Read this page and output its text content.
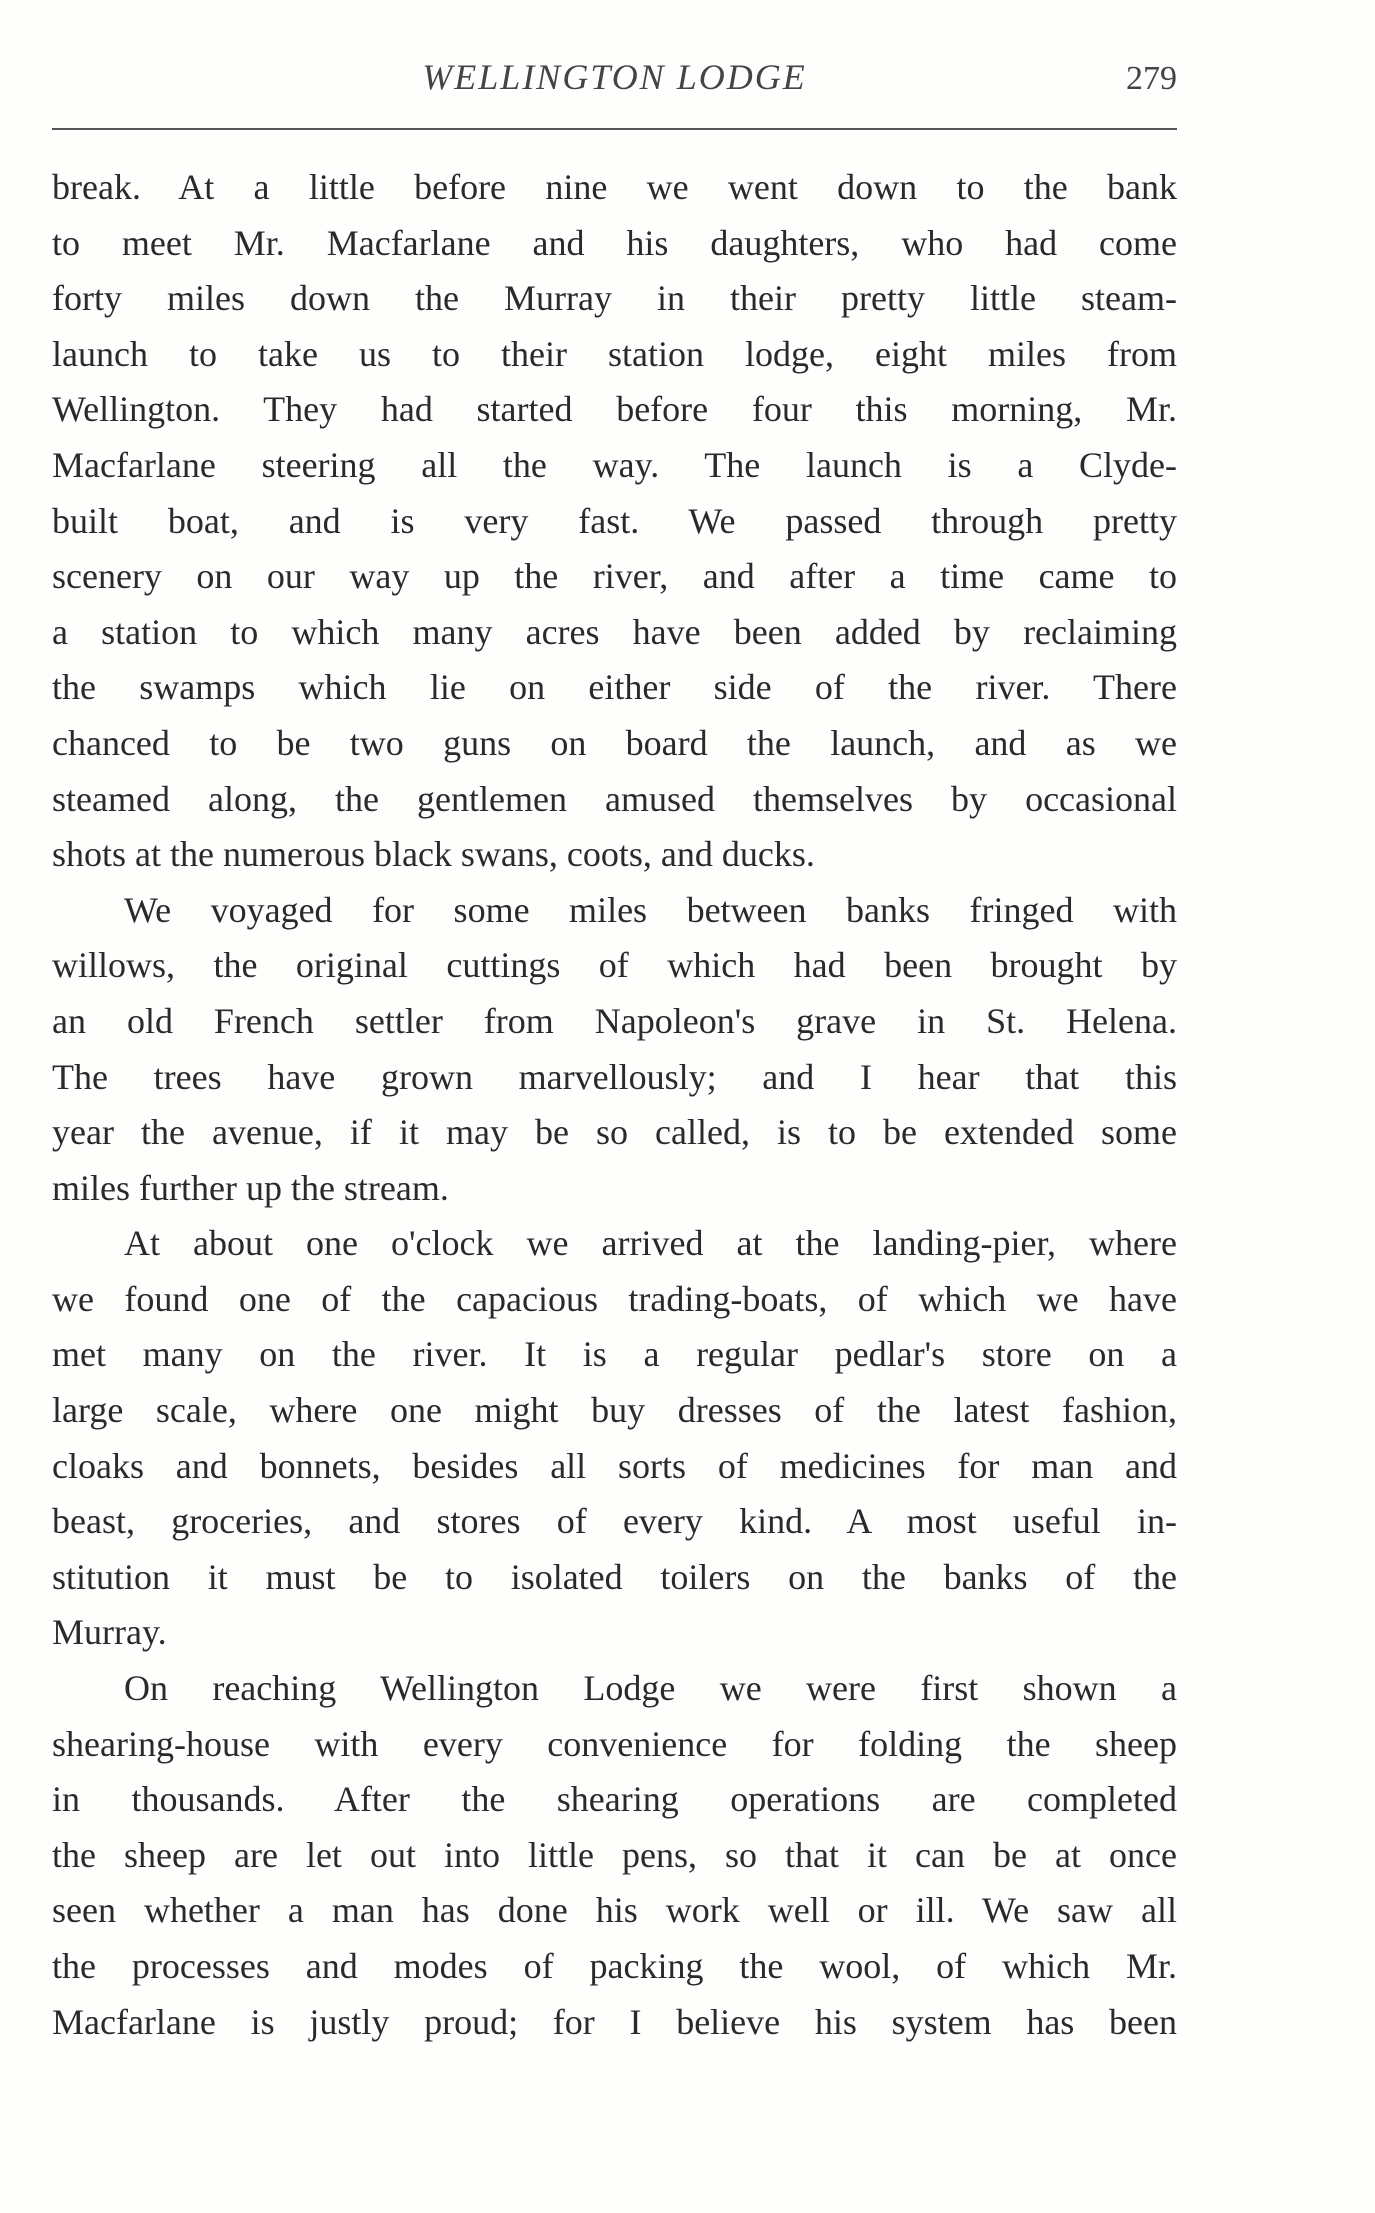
WELLINGTON LODGE	279
break. At a little before nine we went down to the bank
to meet Mr. Macfarlane and his daughters, who had come
forty miles down the Murray in their pretty little steam-
launch to take us to their station lodge, eight miles from
Wellington. They had started before four this morning, Mr.
Macfarlane steering all the way. The launch is a Clyde-
built boat, and is very fast. We passed through pretty
scenery on our way up the river, and after a time came to
a station to which many acres have been added by reclaiming
the swamps which lie on either side of the river. There
chanced to be two guns on board the launch, and as we
steamed along, the gentlemen amused themselves by occasional
shots at the numerous black swans, coots, and ducks.
We voyaged for some miles between banks fringed with
willows, the original cuttings of which had been brought by
an old French settler from Napoleon's grave in St. Helena.
The trees have grown marvellously; and I hear that this
year the avenue, if it may be so called, is to be extended some
miles further up the stream.
At about one o'clock we arrived at the landing-pier, where
we found one of the capacious trading-boats, of which we have
met many on the river. It is a regular pedlar's store on a
large scale, where one might buy dresses of the latest fashion,
cloaks and bonnets, besides all sorts of medicines for man and
beast, groceries, and stores of every kind. A most useful in-
stitution it must be to isolated toilers on the banks of the
Murray.
On reaching Wellington Lodge we were first shown a
shearing-house with every convenience for folding the sheep
in thousands. After the shearing operations are completed
the sheep are let out into little pens, so that it can be at once
seen whether a man has done his work well or ill. We saw all
the processes and modes of packing the wool, of which Mr.
Macfarlane is justly proud; for I believe his system has been
